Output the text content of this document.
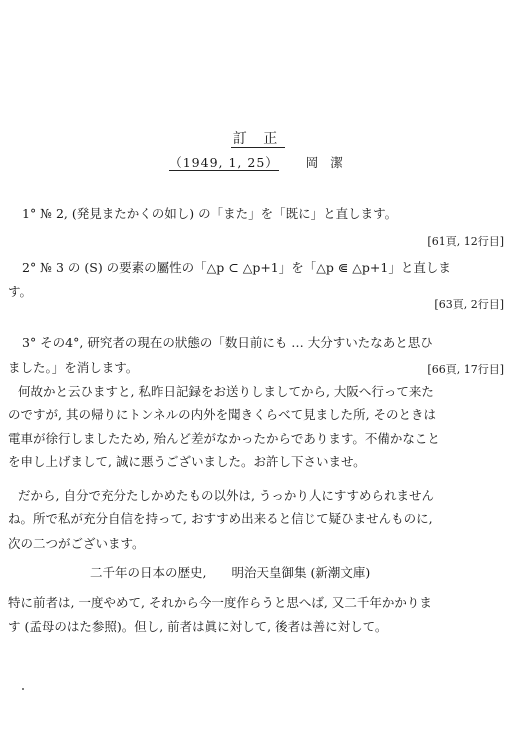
訂 正
（1949, 1, 25） 岡 潔
1° № 2, (発見またかくの如し) の「また」を「既に」と直します。
[61頁, 12行目]
2° № 3 の (S) の要素の屬性の「△p ⊂ △p+1」を「△p ⋐ △p+1」と直しま
す。
[63頁, 2行目]
3° その4°, 研究者の現在の狀態の「数日前にも … 大分すいたなあと思ひ
ました。」を消します。	[66頁, 17行目]
何故かと云ひますと, 私昨日記録をお送りしましてから, 大阪へ行って来た
のですが, 其の帰りにトンネルの内外を聞きくらべて見ました所, そのときは
電車が徐行しましたため, 殆んど差がなかったからであります。不備かなこと
を申し上げまして, 誠に悪うございました。お許し下さいませ。
だから, 自分で充分たしかめたもの以外は, うっかり人にすすめられません
ね。所で私が充分自信を持って, おすすめ出来ると信じて疑ひませんものに,
次の二つがございます。
二千年の日本の歴史,　　明治天皇御集 (新潮文庫)
特に前者は, 一度やめて, それから今一度作らうと思へば, 又二千年かかりま
す (孟母のはた参照)。但し, 前者は眞に対して, 後者は善に対して。
